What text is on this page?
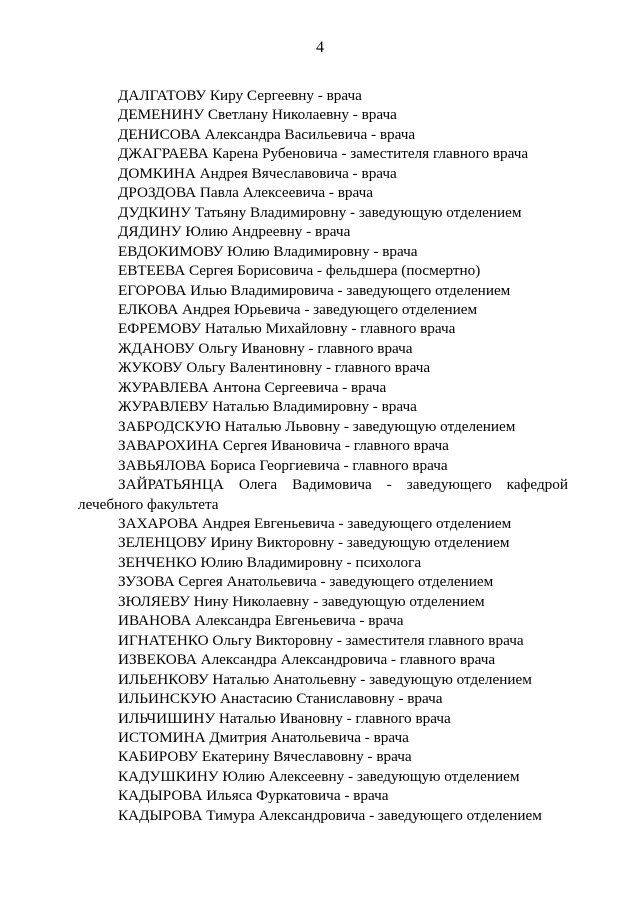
4
ДАЛГАТОВУ Киру Сергеевну - врача
ДЕМЕНИНУ Светлану Николаевну - врача
ДЕНИСОВА Александра Васильевича - врача
ДЖАГРАЕВА Карена Рубеновича - заместителя главного врача
ДОМКИНА Андрея Вячеславовича - врача
ДРОЗДОВА Павла Алексеевича - врача
ДУДКИНУ Татьяну Владимировну - заведующую отделением
ДЯДИНУ Юлию Андреевну - врача
ЕВДОКИМОВУ Юлию Владимировну - врача
ЕВТЕЕВА Сергея Борисовича - фельдшера (посмертно)
ЕГОРОВА Илью Владимировича - заведующего отделением
ЕЛКОВА Андрея Юрьевича - заведующего отделением
ЕФРЕМОВУ Наталью Михайловну - главного врача
ЖДАНОВУ Ольгу Ивановну - главного врача
ЖУКОВУ Ольгу Валентиновну - главного врача
ЖУРАВЛЕВА Антона Сергеевича - врача
ЖУРАВЛЕВУ Наталью Владимировну - врача
ЗАБРОДСКУЮ Наталью Львовну - заведующую отделением
ЗАВАРОХИНА Сергея Ивановича - главного врача
ЗАВЬЯЛОВА Бориса Георгиевича - главного врача
ЗАЙРАТЬЯНЦА Олега Вадимовича - заведующего кафедрой
лечебного факультета
ЗАХАРОВА Андрея Евгеньевича - заведующего отделением
ЗЕЛЕНЦОВУ Ирину Викторовну - заведующую отделением
ЗЕНЧЕНКО Юлию Владимировну - психолога
ЗУЗОВА Сергея Анатольевича - заведующего отделением
ЗЮЛЯЕВУ Нину Николаевну - заведующую отделением
ИВАНОВА Александра Евгеньевича - врача
ИГНАТЕНКО Ольгу Викторовну - заместителя главного врача
ИЗВЕКОВА Александра Александровича - главного врача
ИЛЬЕНКОВУ Наталью Анатольевну - заведующую отделением
ИЛЬИНСКУЮ Анастасию Станиславовну - врача
ИЛЬЧИШИНУ Наталью Ивановну - главного врача
ИСТОМИНА Дмитрия Анатольевича - врача
КАБИРОВУ Екатерину Вячеславовну - врача
КАДУШКИНУ Юлию Алексеевну - заведующую отделением
КАДЫРОВА Ильяса Фуркатовича - врача
КАДЫРОВА Тимура Александровича - заведующего отделением
